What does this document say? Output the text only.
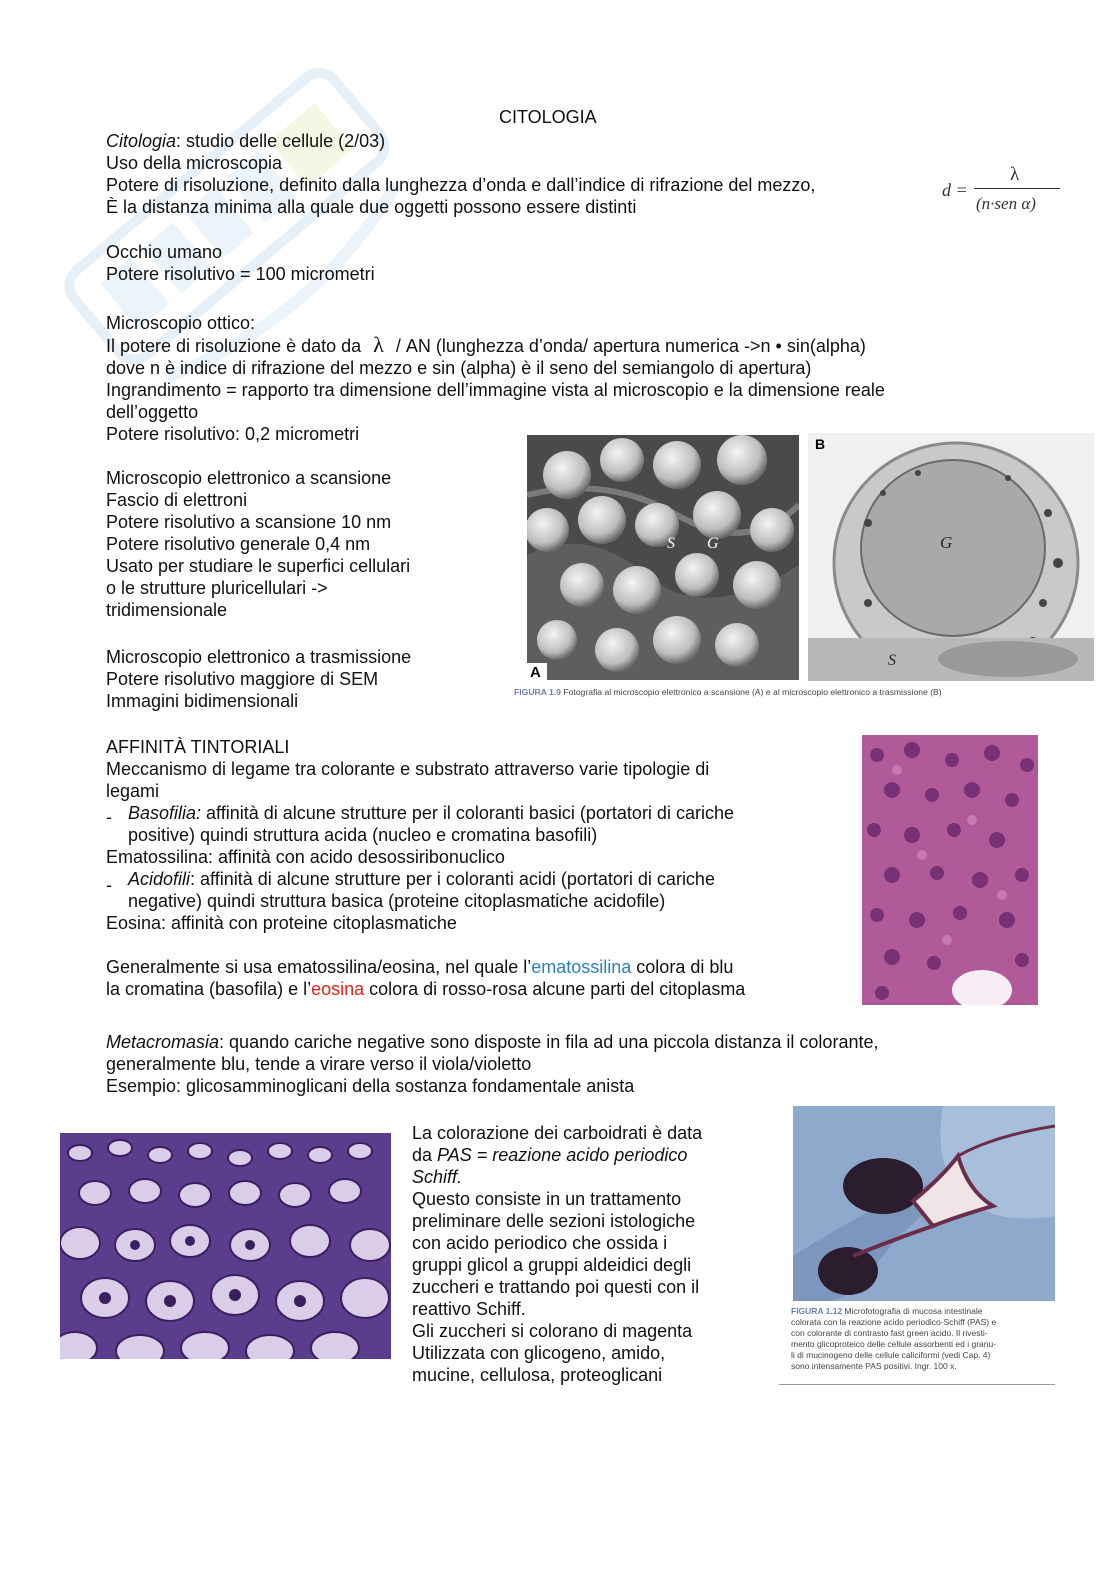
CITOLOGIA
Citologia: studio delle cellule (2/03)
Uso della microscopia
Potere di risoluzione, definito dalla lunghezza d’onda e dall’indice di rifrazione del mezzo,
È la distanza minima alla quale due oggetti possono essere distinti
d =
λ
(n·sen α)
Occhio umano
Potere risolutivo = 100 micrometri
Microscopio ottico:
Il potere di risoluzione è dato da λ / AN (lunghezza d’onda/ apertura numerica ->n • sin(alpha)
dove n è indice di rifrazione del mezzo e sin (alpha) è il seno del semiangolo di apertura)
Ingrandimento = rapporto tra dimensione dell’immagine vista al microscopio e la dimensione reale
dell’oggetto
Potere risolutivo: 0,2 micrometri
Microscopio elettronico a scansione
Fascio di elettroni
Potere risolutivo a scansione 10 nm
Potere risolutivo generale 0,4 nm
Usato per studiare le superfici cellulari
o le strutture pluricellulari ->
tridimensionale
Microscopio elettronico a trasmissione
Potere risolutivo maggiore di SEM
Immagini bidimensionali
A
S G
B
G
S
FIGURA 1.9 Fotografia al microscopio elettronico a scansione (A) e al microscopio elettronico a trasmissione (B)
AFFINITÀ TINTORIALI
Meccanismo di legame tra colorante e substrato attraverso varie tipologie di
legami
Basofilia: affinità di alcune strutture per il coloranti basici (portatori di cariche
positive) quindi struttura acida (nucleo e cromatina basofili)
Ematossilina: affinità con acido desossiribonuclico
Acidofili: affinità di alcune strutture per i coloranti acidi (portatori di cariche
negative) quindi struttura basica (proteine citoplasmatiche acidofile)
Eosina: affinità con proteine citoplasmatiche

Generalmente si usa ematossilina/eosina, nel quale l’ematossilina colora di blu
la cromatina (basofila) e l’eosina colora di rosso-rosa alcune parti del citoplasma
-
-
Metacromasia: quando cariche negative sono disposte in fila ad una piccola distanza il colorante,
generalmente blu, tende a virare verso il viola/violetto
Esempio: glicosamminoglicani della sostanza fondamentale anista
La colorazione dei carboidrati è data
da PAS = reazione acido periodico
Schiff.
Questo consiste in un trattamento
preliminare delle sezioni istologiche
con acido periodico che ossida i
gruppi glicol a gruppi aldeidici degli
zuccheri e trattando poi questi con il
reattivo Schiff.
Gli zuccheri si colorano di magenta
Utilizzata con glicogeno, amido,
mucine, cellulosa, proteoglicani
FIGURA 1.12 Microfotografia di mucosa intestinale
colorata con la reazione acido periodico-Schiff (PAS) e
con colorante di contrasto fast green acido. Il rivesti-
mento glicoproteico delle cellule assorbenti ed i granu-
li di mucinogeno delle cellule caliciformi (vedi Cap. 4)
sono intensamente PAS positivi. Ingr. 100 x.
